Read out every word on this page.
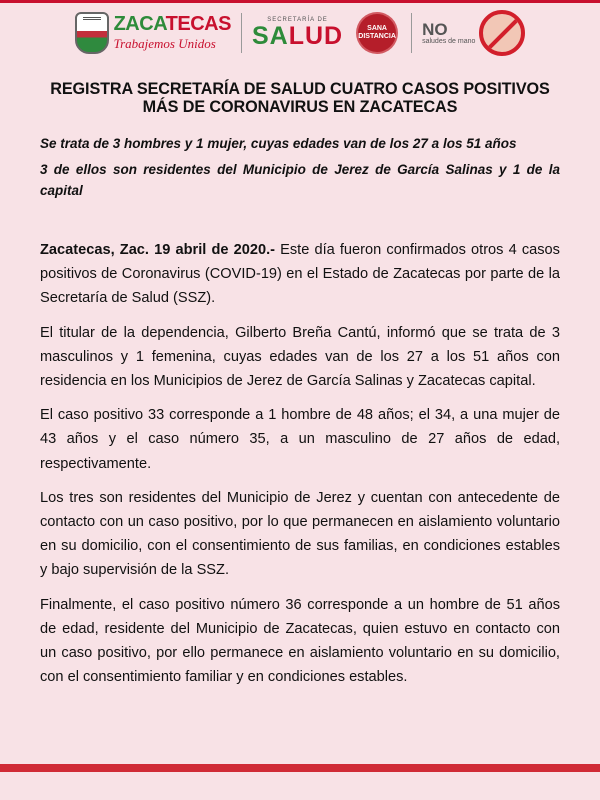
ZACATECAS
Trabajemos Unidos
SECRETARÍA DE
SALUD	SANA DISTANCIA NO
saludes de mano
REGISTRA SECRETARÍA DE SALUD CUATRO CASOS POSITIVOS MÁS DE CORONAVIRUS EN ZACATECAS

Se trata de 3 hombres y 1 mujer, cuyas edades van de los 27 a los 51 años

3 de ellos son residentes del Municipio de Jerez de García Salinas y 1 de la capital

Zacatecas, Zac. 19 abril de 2020.- Este día fueron confirmados otros 4 casos positivos de Coronavirus (COVID-19) en el Estado de Zacatecas por parte de la Secretaría de Salud (SSZ).

El titular de la dependencia, Gilberto Breña Cantú, informó que se trata de 3 masculinos y 1 femenina, cuyas edades van de los 27 a los 51 años con residencia en los Municipios de Jerez de García Salinas y Zacatecas capital.

El caso positivo 33 corresponde a 1 hombre de 48 años; el 34, a una mujer de 43 años y el caso número 35, a un masculino de 27 años de edad, respectivamente.

Los tres son residentes del Municipio de Jerez y cuentan con antecedente de contacto con un caso positivo, por lo que permanecen en aislamiento voluntario en su domicilio, con el consentimiento de sus familias, en condiciones estables y bajo supervisión de la SSZ.

Finalmente, el caso positivo número 36 corresponde a un hombre de 51 años de edad, residente del Municipio de Zacatecas, quien estuvo en contacto con un caso positivo, por ello permanece en aislamiento voluntario en su domicilio, con el consentimiento familiar y en condiciones estables.
